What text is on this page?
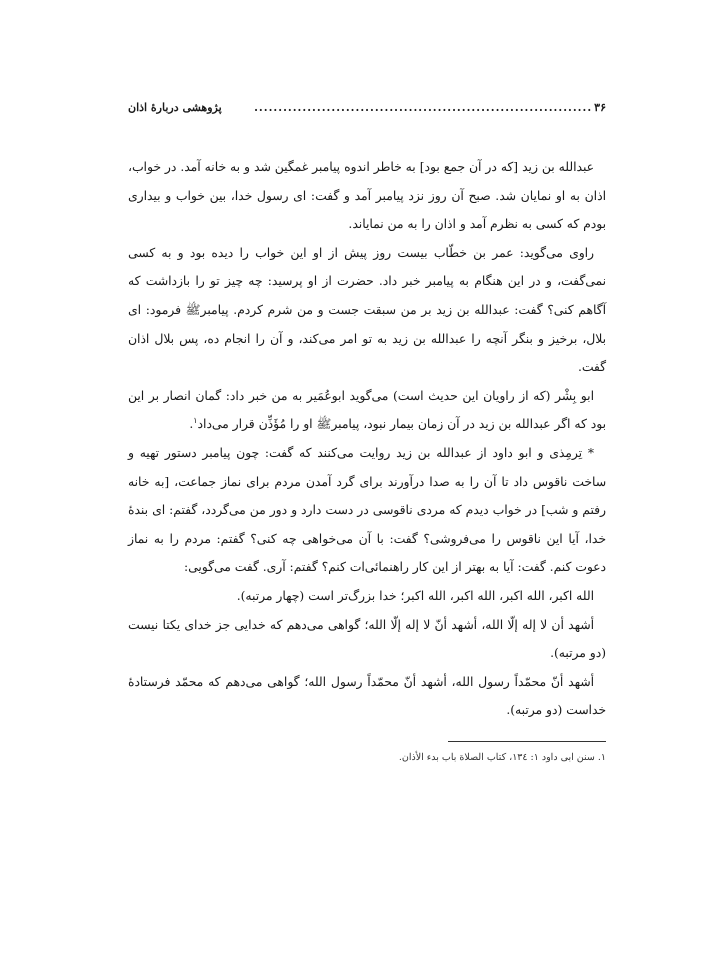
۳۶
......................................................................
پژوهشی دربارۀ اذان

عبدالله بن زید [که در آن جمع بود] به خاطر اندوه پیامبر غمگین شد و به خانه آمد. در خواب، اذان به او نمایان شد. صبح آن روز نزد پیامبر آمد و گفت: ای رسول خدا، بین خواب و بیداری بودم که کسی به نظرم آمد و اذان را به من نمایاند.

راوی می‌گوید: عمر بن خطّاب بیست روز پیش از او این خواب را دیده بود و به کسی نمی‌گفت، و در این هنگام به پیامبر خبر داد. حضرت از او پرسید: چه چیز تو را بازداشت که آگاهم کنی؟ گفت: عبدالله بن زید بر من سبقت جست و من شرم کردم. پیامبرﷺ فرمود: ای بلال، برخیز و بنگر آنچه را عبدالله بن زید به تو امر می‌کند، و آن را انجام ده، پس بلال اذان گفت.

ابو بِشْر (که از راویان این حدیث است) می‌گوید ابوعُمَیر به من خبر داد: گمان انصار بر این بود که اگر عبدالله بن زید در آن زمان بیمار نبود، پیامبرﷺ او را مُؤَذِّن قرار می‌داد$^۱$.

* تِرمِذی و ابو داود از عبدالله بن زید روایت می‌کنند که گفت: چون پیامبر دستور تهیه و ساخت ناقوس داد تا آن را به صدا درآورند برای گرد آمدن مردم برای نماز جماعت، [به خانه رفتم و شب] در خواب دیدم که مردی ناقوسی در دست دارد و دور من می‌گردد، گفتم: ای بندۀ خدا، آیا این ناقوس را می‌فروشی؟ گفت: با آن می‌خواهی چه کنی؟ گفتم: مردم را به نماز دعوت کنم. گفت: آیا به بهتر از این کار راهنمائی‌ات کنم؟ گفتم: آری. گفت می‌گویی:

الله اکبر، الله اکبر، الله اکبر، الله اکبر؛ خدا بزرگ‌تر است (چهار مرتبه).

أشهد أن لا إله إلّا الله، أشهد أنّ لا إله إلّا الله؛ گواهی می‌دهم که خدایی جز خدای یکتا نیست (دو مرتبه).

أشهد أنّ محمّداً رسول الله، أشهد أنّ محمّداً رسول الله؛ گواهی می‌دهم که محمّد فرستادۀ خداست (دو مرتبه).

۱. سنن ابی داود ۱: ۱۳٤، کتاب الصلاة باب بدء الأذان.
